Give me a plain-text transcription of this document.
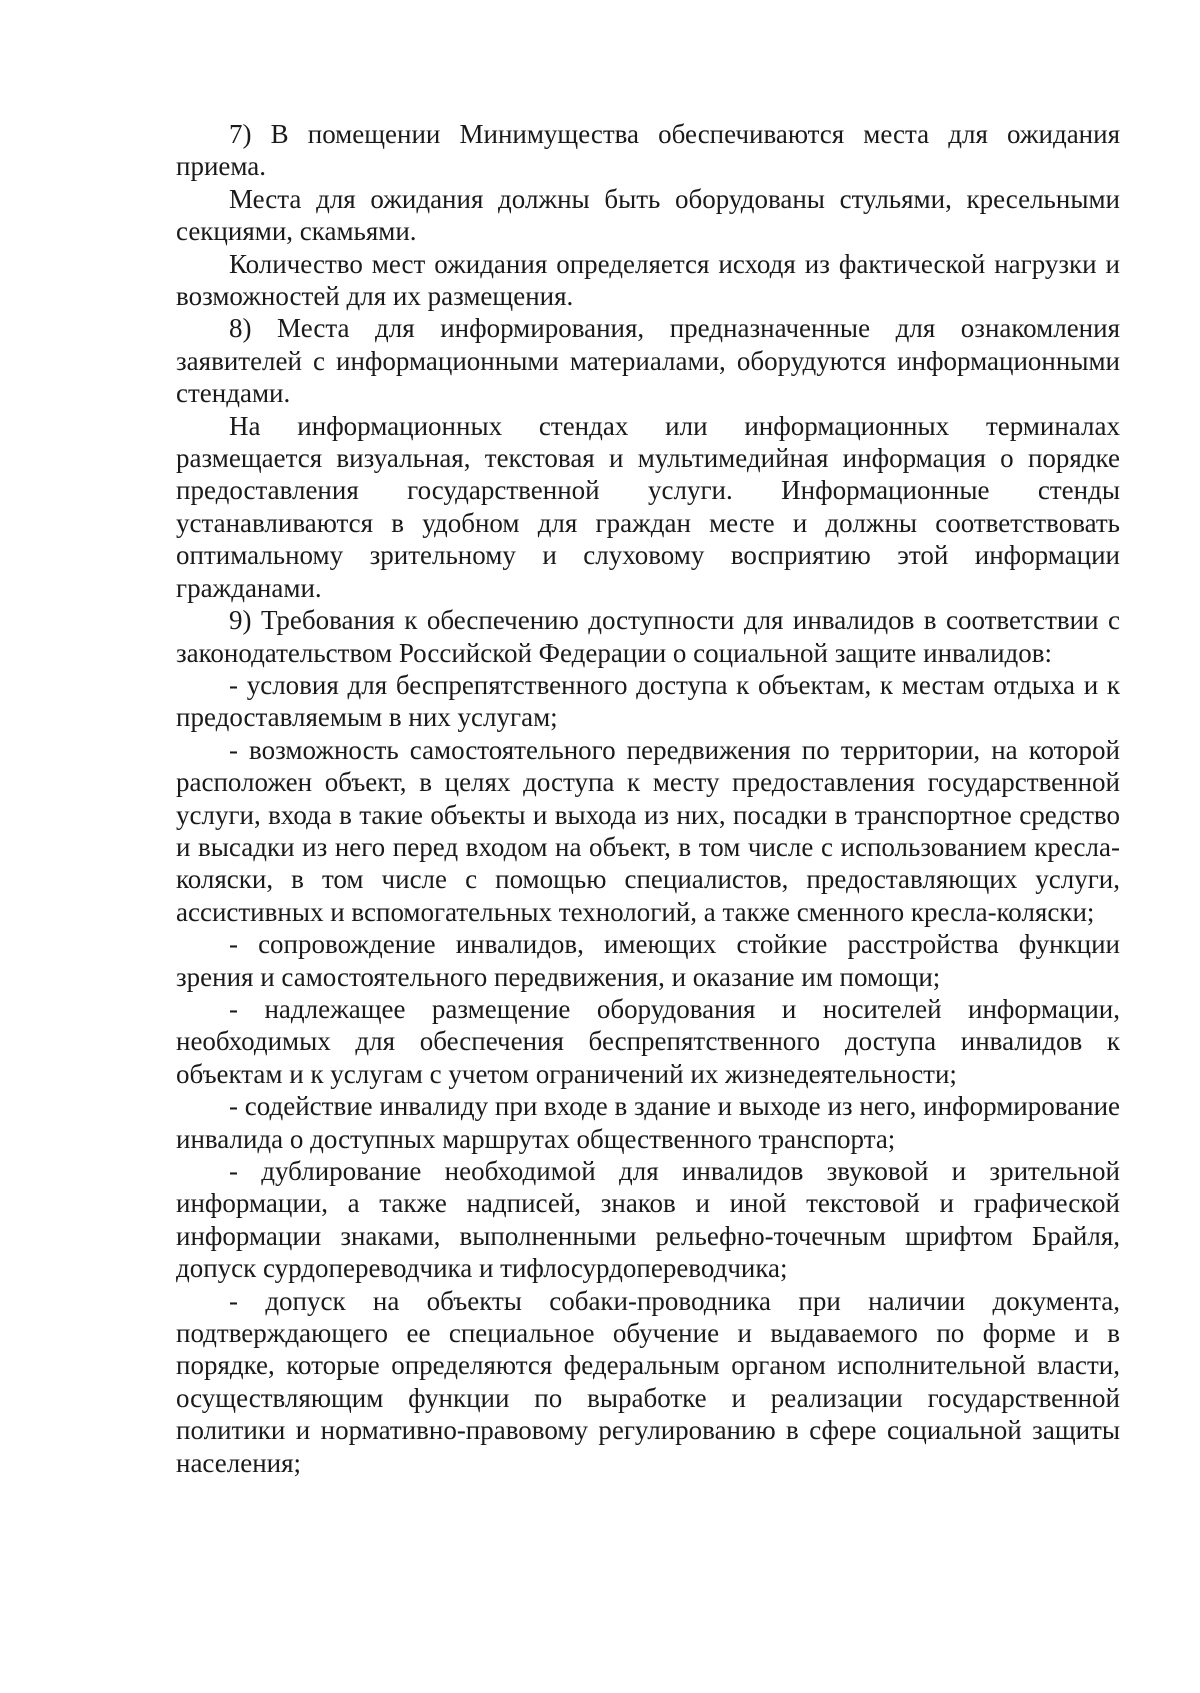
7) В помещении Минимущества обеспечиваются места для ожидания приема.

Места для ожидания должны быть оборудованы стульями, кресельными секциями, скамьями.

Количество мест ожидания определяется исходя из фактической нагрузки и возможностей для их размещения.

8) Места для информирования, предназначенные для ознакомления заявителей с информационными материалами, оборудуются информационными стендами.

На информационных стендах или информационных терминалах размещается визуальная, текстовая и мультимедийная информация о порядке предоставления государственной услуги. Информационные стенды устанавливаются в удобном для граждан месте и должны соответствовать оптимальному зрительному и слуховому восприятию этой информации гражданами.

9) Требования к обеспечению доступности для инвалидов в соответствии с законодательством Российской Федерации о социальной защите инвалидов:

- условия для беспрепятственного доступа к объектам, к местам отдыха и к предоставляемым в них услугам;

- возможность самостоятельного передвижения по территории, на которой расположен объект, в целях доступа к месту предоставления государственной услуги, входа в такие объекты и выхода из них, посадки в транспортное средство и высадки из него перед входом на объект, в том числе с использованием кресла-коляски, в том числе с помощью специалистов, предоставляющих услуги, ассистивных и вспомогательных технологий, а также сменного кресла-коляски;

- сопровождение инвалидов, имеющих стойкие расстройства функции зрения и самостоятельного передвижения, и оказание им помощи;

- надлежащее размещение оборудования и носителей информации, необходимых для обеспечения беспрепятственного доступа инвалидов к объектам и к услугам с учетом ограничений их жизнедеятельности;

- содействие инвалиду при входе в здание и выходе из него, информирование инвалида о доступных маршрутах общественного транспорта;

- дублирование необходимой для инвалидов звуковой и зрительной информации, а также надписей, знаков и иной текстовой и графической информации знаками, выполненными рельефно-точечным шрифтом Брайля, допуск сурдопереводчика и тифлосурдопереводчика;

- допуск на объекты собаки-проводника при наличии документа, подтверждающего ее специальное обучение и выдаваемого по форме и в порядке, которые определяются федеральным органом исполнительной власти, осуществляющим функции по выработке и реализации государственной политики и нормативно-правовому регулированию в сфере социальной защиты населения;
